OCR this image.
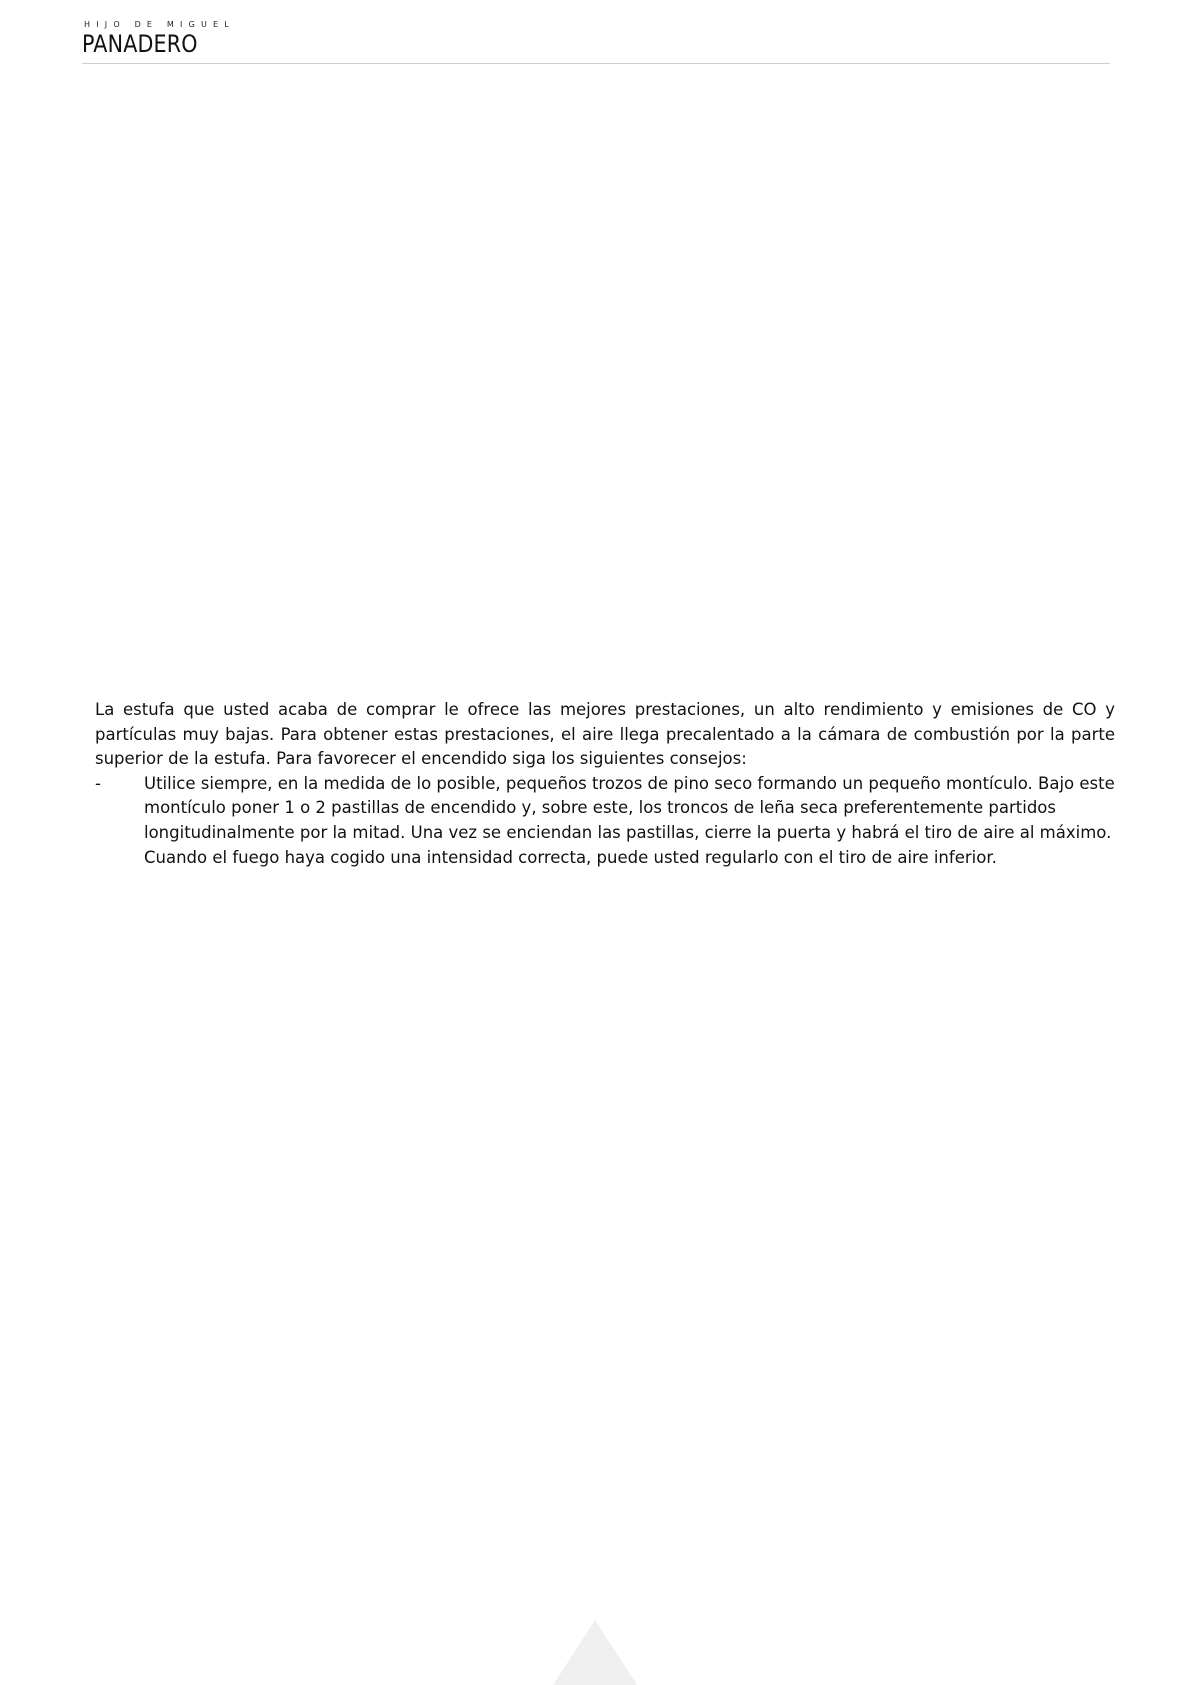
HIJO DE MIGUEL
PANADERO

La estufa que usted acaba de comprar le ofrece las mejores prestaciones, un alto rendimiento y emisiones de CO y partículas muy bajas. Para obtener estas prestaciones, el aire llega precalentado a la cámara de combustión por la parte superior de la estufa. Para favorecer el encendido siga los siguientes consejos:

-	Utilice siempre, en la medida de lo posible, pequeños trozos de pino seco formando un pequeño montículo. Bajo este montículo poner 1 o 2 pastillas de encendido y, sobre este, los troncos de leña seca preferentemente partidos longitudinalmente por la mitad. Una vez se enciendan las pastillas, cierre la puerta y habrá el tiro de aire al máximo.
Cuando el fuego haya cogido una intensidad correcta, puede usted regularlo con el tiro de aire inferior.
